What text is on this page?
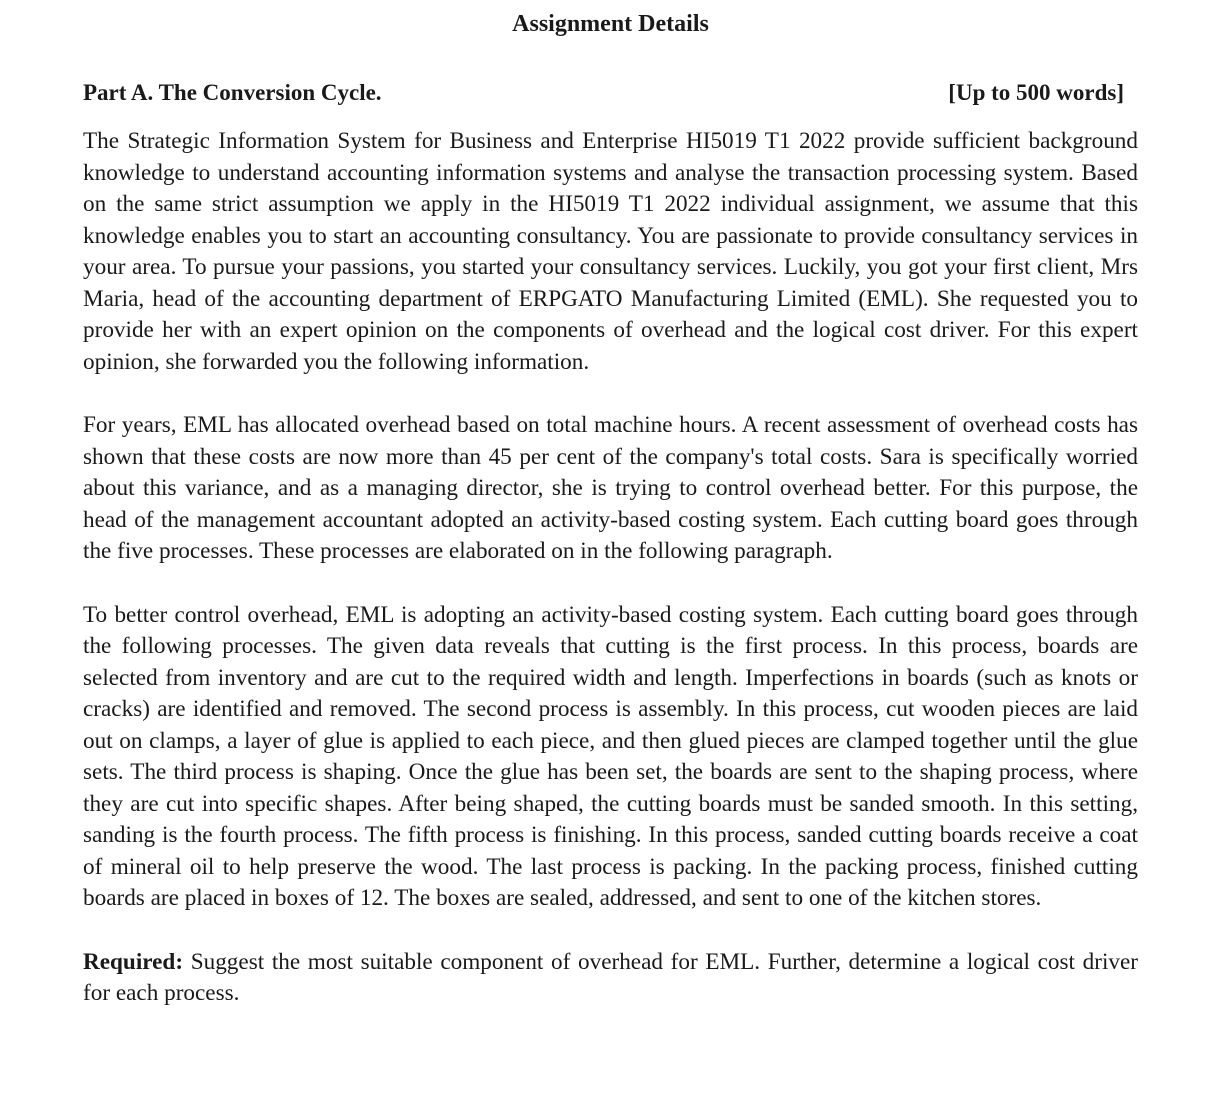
Assignment Details
Part A. The Conversion Cycle.	[Up to 500 words]

The Strategic Information System for Business and Enterprise HI5019 T1 2022 provide sufficient background knowledge to understand accounting information systems and analyse the transaction processing system. Based on the same strict assumption we apply in the HI5019 T1 2022 individual assignment, we assume that this knowledge enables you to start an accounting consultancy. You are passionate to provide consultancy services in your area. To pursue your passions, you started your consultancy services. Luckily, you got your first client, Mrs Maria, head of the accounting department of ERPGATO Manufacturing Limited (EML). She requested you to provide her with an expert opinion on the components of overhead and the logical cost driver. For this expert opinion, she forwarded you the following information.

For years, EML has allocated overhead based on total machine hours. A recent assessment of overhead costs has shown that these costs are now more than 45 per cent of the company's total costs. Sara is specifically worried about this variance, and as a managing director, she is trying to control overhead better. For this purpose, the head of the management accountant adopted an activity-based costing system. Each cutting board goes through the five processes. These processes are elaborated on in the following paragraph.

To better control overhead, EML is adopting an activity-based costing system. Each cutting board goes through the following processes. The given data reveals that cutting is the first process. In this process, boards are selected from inventory and are cut to the required width and length. Imperfections in boards (such as knots or cracks) are identified and removed. The second process is assembly. In this process, cut wooden pieces are laid out on clamps, a layer of glue is applied to each piece, and then glued pieces are clamped together until the glue sets. The third process is shaping. Once the glue has been set, the boards are sent to the shaping process, where they are cut into specific shapes. After being shaped, the cutting boards must be sanded smooth. In this setting, sanding is the fourth process. The fifth process is finishing. In this process, sanded cutting boards receive a coat of mineral oil to help preserve the wood. The last process is packing. In the packing process, finished cutting boards are placed in boxes of 12. The boxes are sealed, addressed, and sent to one of the kitchen stores.

Required: Suggest the most suitable component of overhead for EML. Further, determine a logical cost driver for each process.
